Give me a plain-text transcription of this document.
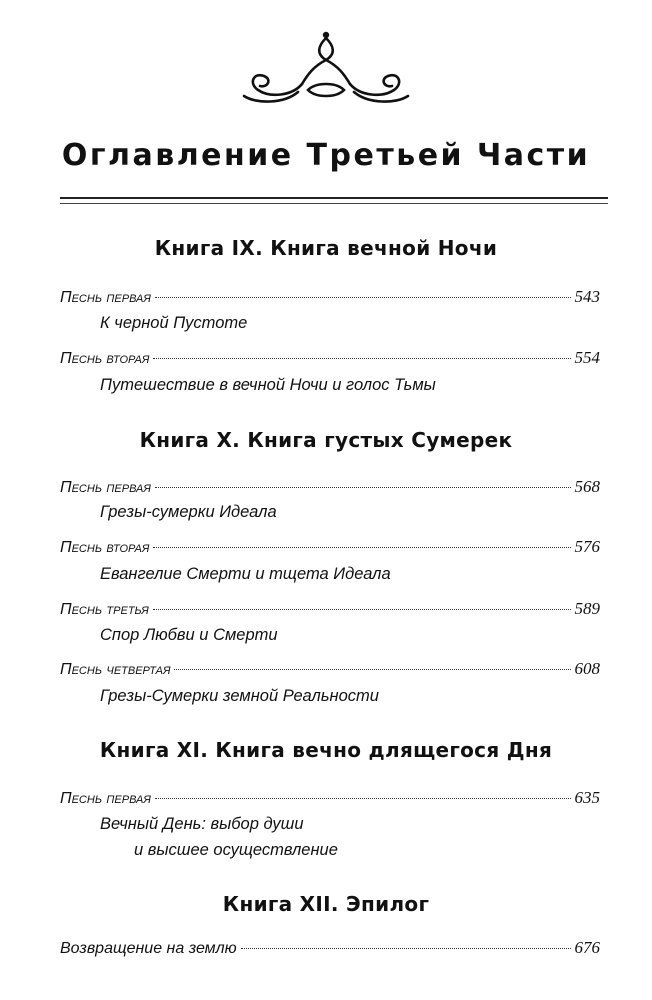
Оглавление Третьей Части
Книга IX. Книга вечной Ночи
Песнь первая	543
К черной Пустоте
Песнь вторая	554
Путешествие в вечной Ночи и голос Тьмы
Книга X. Книга густых Сумерек
Песнь первая	568
Грезы-сумерки Идеала
Песнь вторая	576
Евангелие Смерти и тщета Идеала
Песнь третья	589
Спор Любви и Смерти
Песнь четвертая	608
Грезы-Сумерки земной Реальности
Книга XI. Книга вечно длящегося Дня
Песнь первая	635
Вечный День: выбор души
и высшее осуществление
Книга XII. Эпилог
Возвращение на землю	676
